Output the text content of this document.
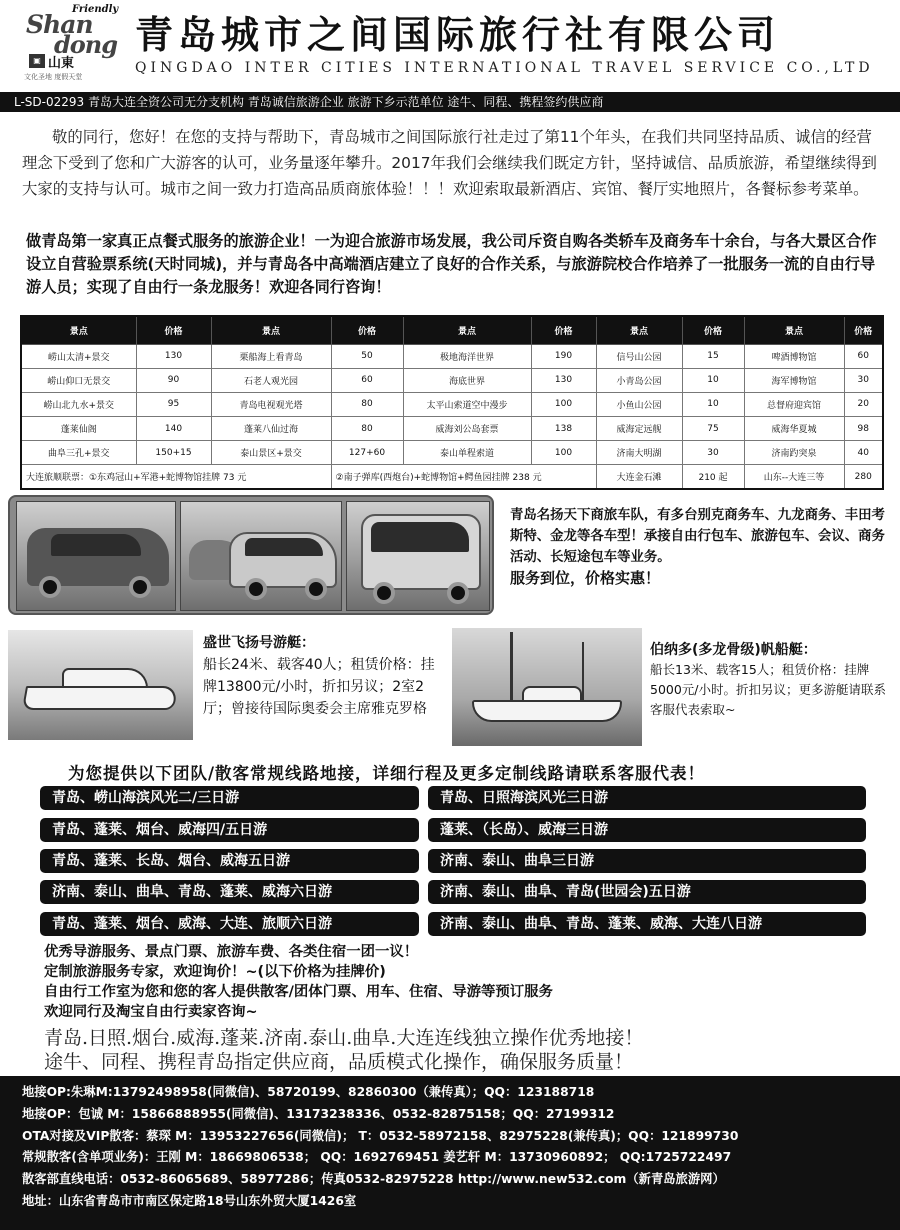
Friendly
Shan
dong
▣ 山東
文化圣地 度假天堂
青岛城市之间国际旅行社有限公司
QINGDAO INTER CITIES INTERNATIONAL TRAVEL SERVICE CO.,LTD
L-SD-02293 青岛大连全资公司无分支机构 青岛诚信旅游企业 旅游下乡示范单位 途牛、同程、携程签约供应商
敬的同行，您好！在您的支持与帮助下，青岛城市之间国际旅行社走过了第11个年头，在我们共同坚持品质、诚信的经营理念下受到了您和广大游客的认可，业务量逐年攀升。2017年我们会继续我们既定方针，坚持诚信、品质旅游，希望继续得到大家的支持与认可。城市之间一致力打造高品质商旅体验！！！欢迎索取最新酒店、宾馆、餐厅实地照片，各餐标参考菜单。
做青岛第一家真正点餐式服务的旅游企业！一为迎合旅游市场发展，我公司斥资自购各类轿车及商务车十余台，与各大景区合作设立自营验票系统(天时同城)，并与青岛各中高端酒店建立了良好的合作关系，与旅游院校合作培养了一批服务一流的自由行导游人员；实现了自由行一条龙服务！欢迎各同行咨询！
景点	价格	景点	价格	景点	价格	景点	价格	景点	价格
崂山太清+景交	130	栗船海上看青岛	50	极地海洋世界	190	信号山公园	15	啤酒博物馆	60
崂山仰口无景交	90	石老人观光园	60	海底世界	130	小青岛公园	10	海军博物馆	30
崂山北九水+景交	95	青岛电视观光塔	80	太平山索道空中漫步	100	小鱼山公园	10	总督府迎宾馆	20
蓬莱仙阁	140	蓬莱八仙过海	80	威海刘公岛套票	138	威海定远舰	75	威海华夏城	98
曲阜三孔+景交	150+15	泰山景区+景交	127+60	泰山单程索道	100	济南大明湖	30	济南趵突泉	40
大连旅顺联票：①东鸡冠山+军港+蛇博物馆挂牌 73 元			②南子弹库(西炮台)+蛇博物馆+鳄鱼园挂牌 238 元			大连金石滩	210 起	山东--大连三等	280
青岛名扬天下商旅车队，有多台别克商务车、九龙商务、丰田考斯特、金龙等各车型！承接自由行包车、旅游包车、会议、商务活动、长短途包车等业务。
服务到位，价格实惠！
盛世飞扬号游艇：
船长24米、载客40人；租赁价格：挂牌13800元/小时，折扣另议；2室2厅；曾接待国际奥委会主席雅克罗格
伯纳多(多龙骨级)帆船艇：
船长13米、载客15人；租赁价格：挂牌5000元/小时。折扣另议；更多游艇请联系客服代表索取~
为您提供以下团队/散客常规线路地接，详细行程及更多定制线路请联系客服代表！
青岛、崂山海滨风光二/三日游	青岛、日照海滨风光三日游
青岛、蓬莱、烟台、威海四/五日游	蓬莱、（长岛）、威海三日游
青岛、蓬莱、长岛、烟台、威海五日游	济南、泰山、曲阜三日游
济南、泰山、曲阜、青岛、蓬莱、威海六日游	济南、泰山、曲阜、青岛(世园会)五日游
青岛、蓬莱、烟台、威海、大连、旅顺六日游	济南、泰山、曲阜、青岛、蓬莱、威海、大连八日游
优秀导游服务、景点门票、旅游车费、各类住宿一团一议！
定制旅游服务专家，欢迎询价！~(以下价格为挂牌价)
自由行工作室为您和您的客人提供散客/团体门票、用车、住宿、导游等预订服务
欢迎同行及淘宝自由行卖家咨询~
青岛.日照.烟台.威海.蓬莱.济南.泰山.曲阜.大连连线独立操作优秀地接！
途牛、同程、携程青岛指定供应商，品质模式化操作，确保服务质量！
地接OP:朱琳M:13792498958(同微信)、58720199、82860300（兼传真）；QQ：123188718
地接OP：包诚 M：15866888955(同微信)、13173238336、0532-82875158；QQ：27199312
OTA对接及VIP散客：蔡琛 M：13953227656(同微信)； T：0532-58972158、82975228(兼传真)；QQ：121899730
常规散客(含单项业务)：王刚 M：18669806538； QQ：1692769451 姜艺轩 M：13730960892； QQ:1725722497
散客部直线电话：0532-86065689、58977286；传真0532-82975228 http://www.new532.com（新青岛旅游网）
地址：山东省青岛市市南区保定路18号山东外贸大厦1426室
